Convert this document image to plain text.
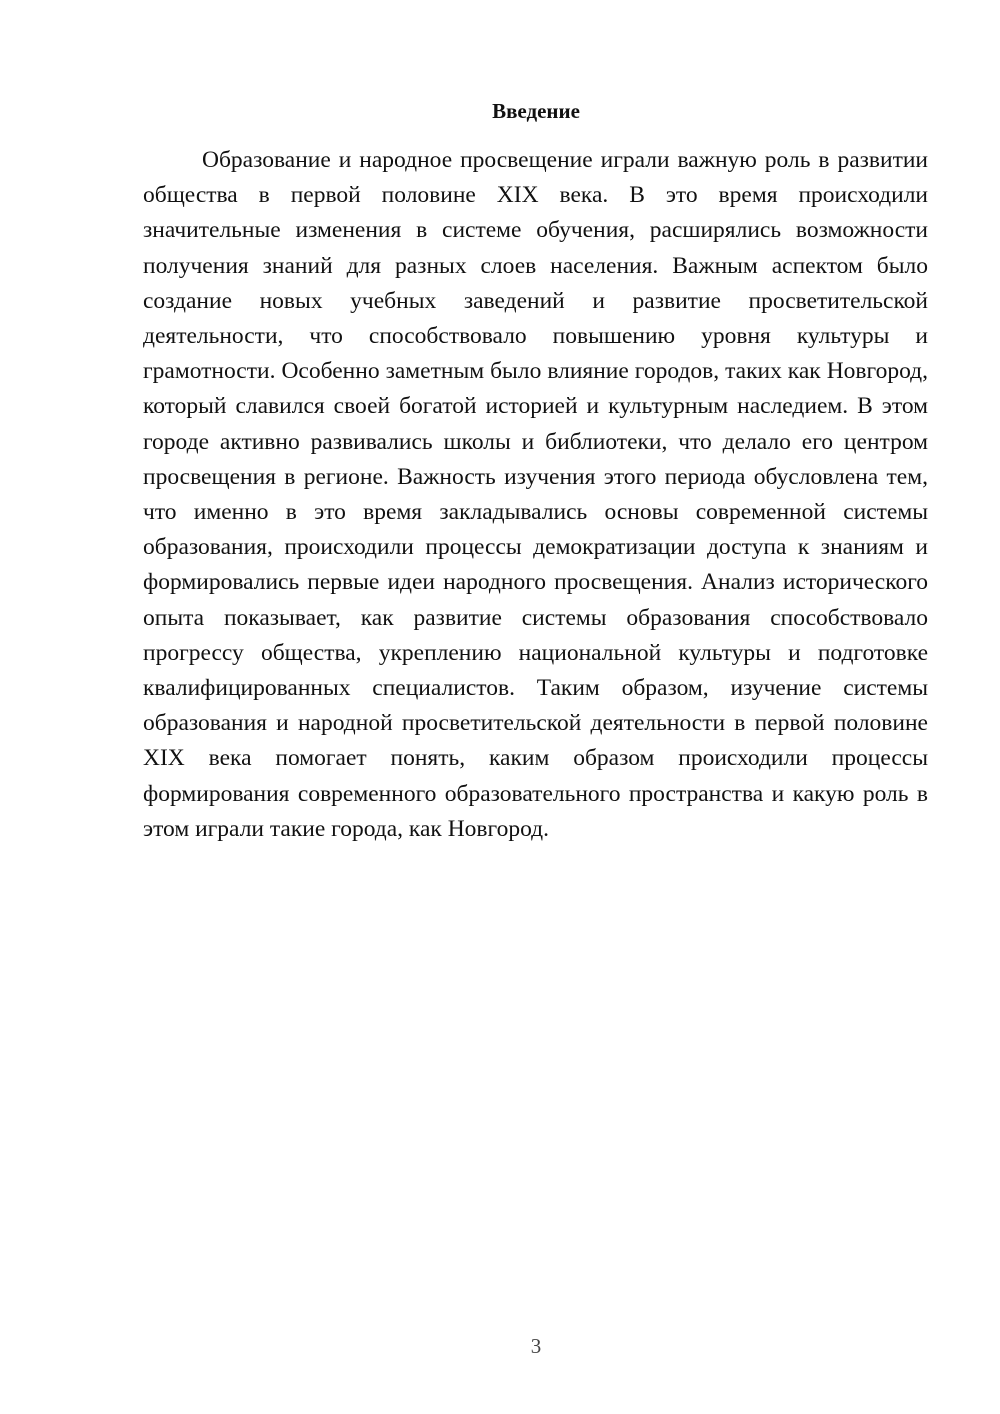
Введение

Образование и народное просвещение играли важную роль в развитии общества в первой половине XIX века. В это время происходили значительные изменения в системе обучения, расширялись возможности получения знаний для разных слоев населения. Важным аспектом было создание новых учебных заведений и развитие просветительской деятельности, что способствовало повышению уровня культуры и грамотности. Особенно заметным было влияние городов, таких как Новгород, который славился своей богатой историей и культурным наследием. В этом городе активно развивались школы и библиотеки, что делало его центром просвещения в регионе. Важность изучения этого периода обусловлена тем, что именно в это время закладывались основы современной системы образования, происходили процессы демократизации доступа к знаниям и формировались первые идеи народного просвещения. Анализ исторического опыта показывает, как развитие системы образования способствовало прогрессу общества, укреплению национальной культуры и подготовке квалифицированных специалистов. Таким образом, изучение системы образования и народной просветительской деятельности в первой половине XIX века помогает понять, каким образом происходили процессы формирования современного образовательного пространства и какую роль в этом играли такие города, как Новгород.

3
